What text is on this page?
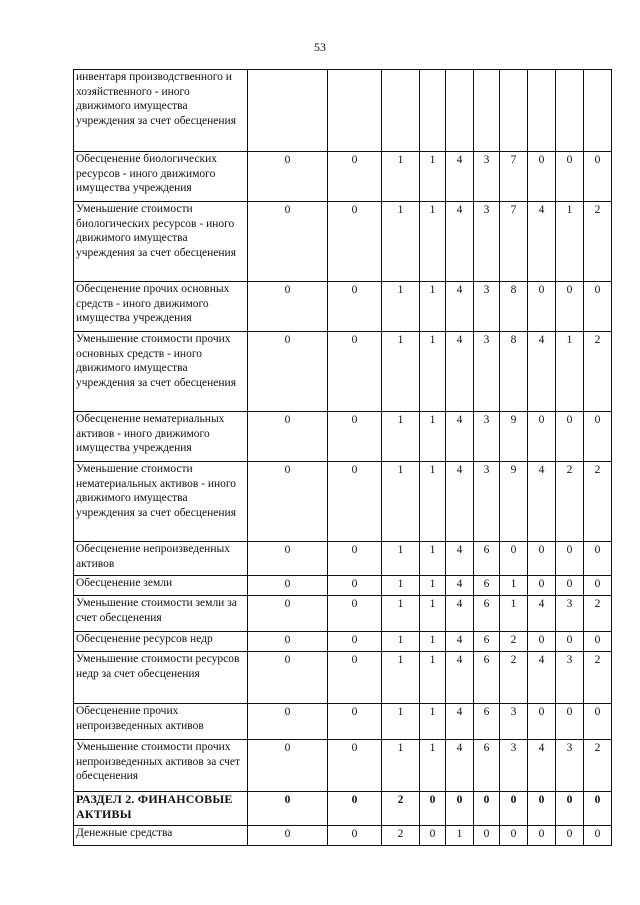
53
инвентаря производственного и хозяйственного - иного движимого имущества учреждения за счет обесценения										
Обесценение биологических ресурсов - иного движимого имущества учреждения	0	0	1	1	4	3	7	0	0	0
Уменьшение стоимости биологических ресурсов - иного движимого имущества учреждения за счет обесценения	0	0	1	1	4	3	7	4	1	2
Обесценение прочих основных средств - иного движимого имущества учреждения	0	0	1	1	4	3	8	0	0	0
Уменьшение стоимости прочих основных средств - иного движимого имущества учреждения за счет обесценения	0	0	1	1	4	3	8	4	1	2
Обесценение нематериальных активов - иного движимого имущества учреждения	0	0	1	1	4	3	9	0	0	0
Уменьшение стоимости нематериальных активов - иного движимого имущества учреждения за счет обесценения	0	0	1	1	4	3	9	4	2	2
Обесценение непроизведенных активов	0	0	1	1	4	6	0	0	0	0
Обесценение земли	0	0	1	1	4	6	1	0	0	0
Уменьшение стоимости земли за счет обесценения	0	0	1	1	4	6	1	4	3	2
Обесценение ресурсов недр	0	0	1	1	4	6	2	0	0	0
Уменьшение стоимости ресурсов недр за счет обесценения	0	0	1	1	4	6	2	4	3	2
Обесценение прочих непроизведенных активов	0	0	1	1	4	6	3	0	0	0
Уменьшение стоимости прочих непроизведенных активов за счет обесценения	0	0	1	1	4	6	3	4	3	2
РАЗДЕЛ 2. ФИНАНСОВЫЕ АКТИВЫ	0	0	2	0	0	0	0	0	0	0
Денежные средства	0	0	2	0	1	0	0	0	0	0
